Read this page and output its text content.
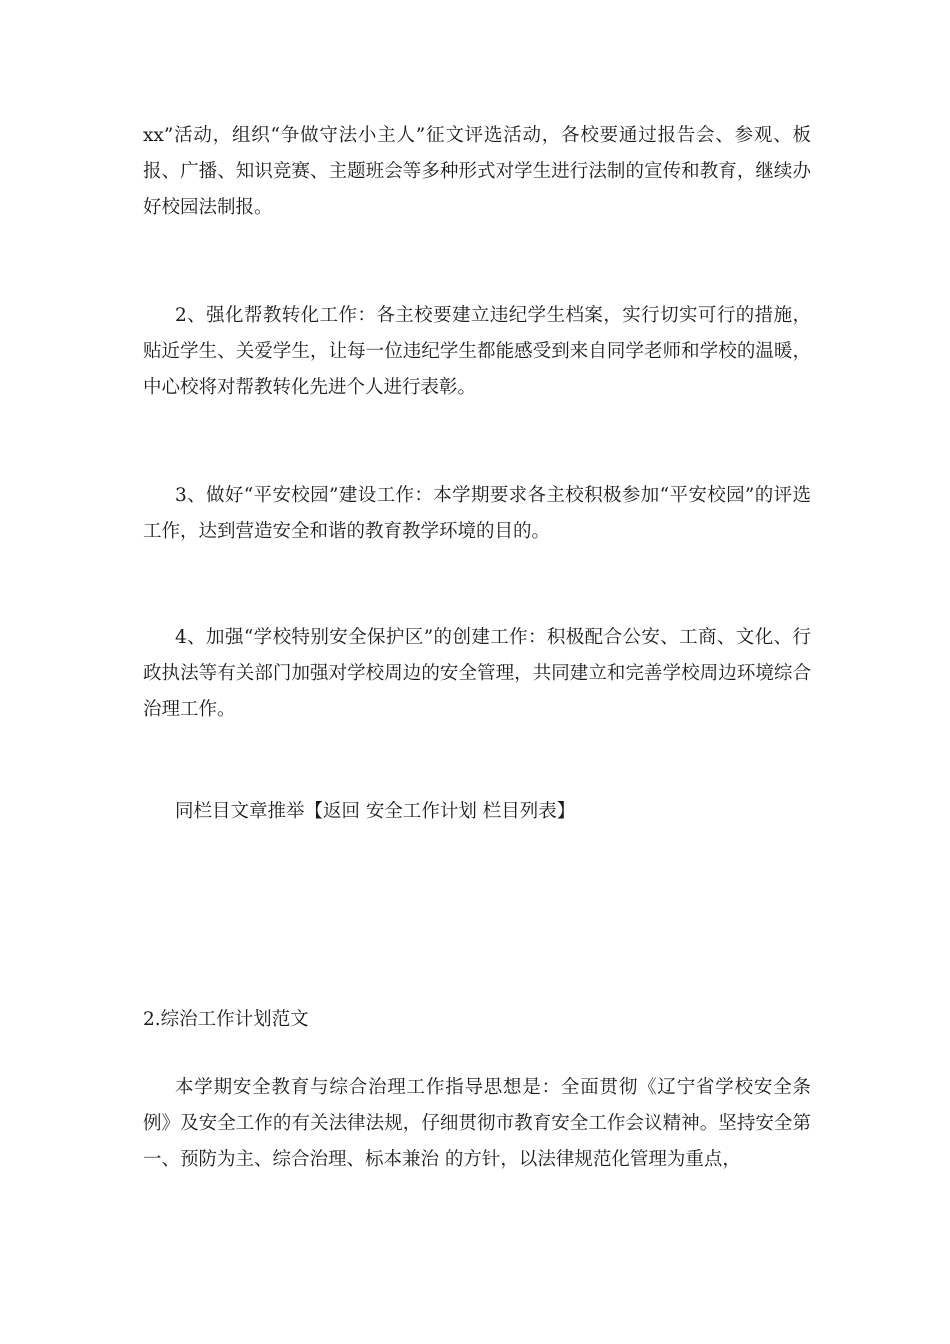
xx”活动，组织“争做守法小主人”征文评选活动，各校要通过报告会、参观、板报、广播、知识竞赛、主题班会等多种形式对学生进行法制的宣传和教育，继续办好校园法制报。

2、强化帮教转化工作：各主校要建立违纪学生档案，实行切实可行的措施，贴近学生、关爱学生，让每一位违纪学生都能感受到来自同学老师和学校的温暖，中心校将对帮教转化先进个人进行表彰。

3、做好“平安校园”建设工作：本学期要求各主校积极参加“平安校园”的评选工作，达到营造安全和谐的教育教学环境的目的。

4、加强“学校特别安全保护区”的创建工作：积极配合公安、工商、文化、行政执法等有关部门加强对学校周边的安全管理，共同建立和完善学校周边环境综合治理工作。

同栏目文章推举【返回 安全工作计划 栏目列表】

2.综治工作计划范文

本学期安全教育与综合治理工作指导思想是：全面贯彻《辽宁省学校安全条例》及安全工作的有关法律法规，仔细贯彻市教育安全工作会议精神。坚持安全第一、预防为主、综合治理、标本兼治 的方针，以法律规范化管理为重点，
